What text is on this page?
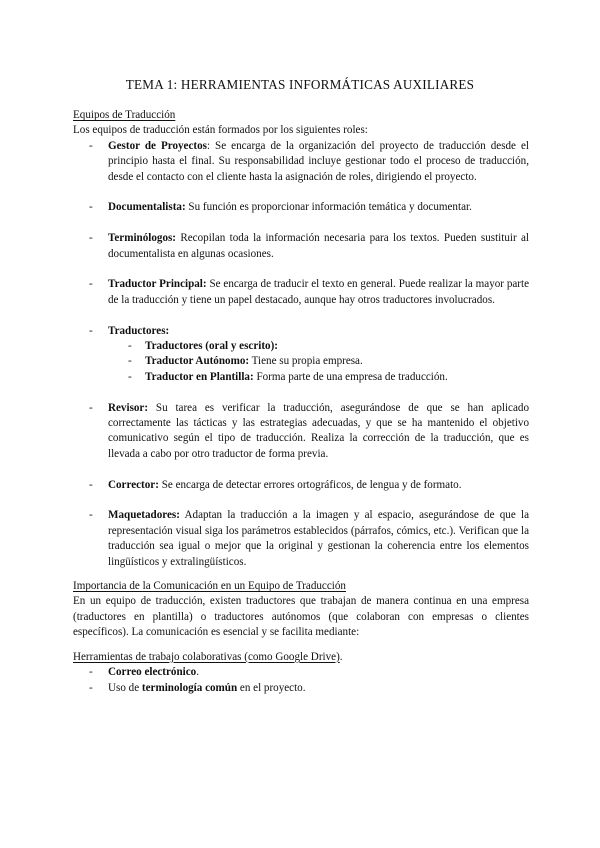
TEMA 1: HERRAMIENTAS INFORMÁTICAS AUXILIARES
Equipos de Traducción
Los equipos de traducción están formados por los siguientes roles:
- Gestor de Proyectos: Se encarga de la organización del proyecto de traducción desde el principio hasta el final. Su responsabilidad incluye gestionar todo el proceso de traducción, desde el contacto con el cliente hasta la asignación de roles, dirigiendo el proyecto.
- Documentalista: Su función es proporcionar información temática y documentar.
- Terminólogos: Recopilan toda la información necesaria para los textos. Pueden sustituir al documentalista en algunas ocasiones.
- Traductor Principal: Se encarga de traducir el texto en general. Puede realizar la mayor parte de la traducción y tiene un papel destacado, aunque hay otros traductores involucrados.
- Traductores:
- Traductores (oral y escrito):
- Traductor Autónomo: Tiene su propia empresa.
- Traductor en Plantilla: Forma parte de una empresa de traducción.
- Revisor: Su tarea es verificar la traducción, asegurándose de que se han aplicado correctamente las tácticas y las estrategias adecuadas, y que se ha mantenido el objetivo comunicativo según el tipo de traducción. Realiza la corrección de la traducción, que es llevada a cabo por otro traductor de forma previa.
- Corrector: Se encarga de detectar errores ortográficos, de lengua y de formato.
- Maquetadores: Adaptan la traducción a la imagen y al espacio, asegurándose de que la representación visual siga los parámetros establecidos (párrafos, cómics, etc.). Verifican que la traducción sea igual o mejor que la original y gestionan la coherencia entre los elementos lingüísticos y extralingüísticos.
Importancia de la Comunicación en un Equipo de Traducción
En un equipo de traducción, existen traductores que trabajan de manera continua en una empresa (traductores en plantilla) o traductores autónomos (que colaboran con empresas o clientes específicos). La comunicación es esencial y se facilita mediante:
Herramientas de trabajo colaborativas (como Google Drive).
- Correo electrónico.
- Uso de terminología común en el proyecto.
